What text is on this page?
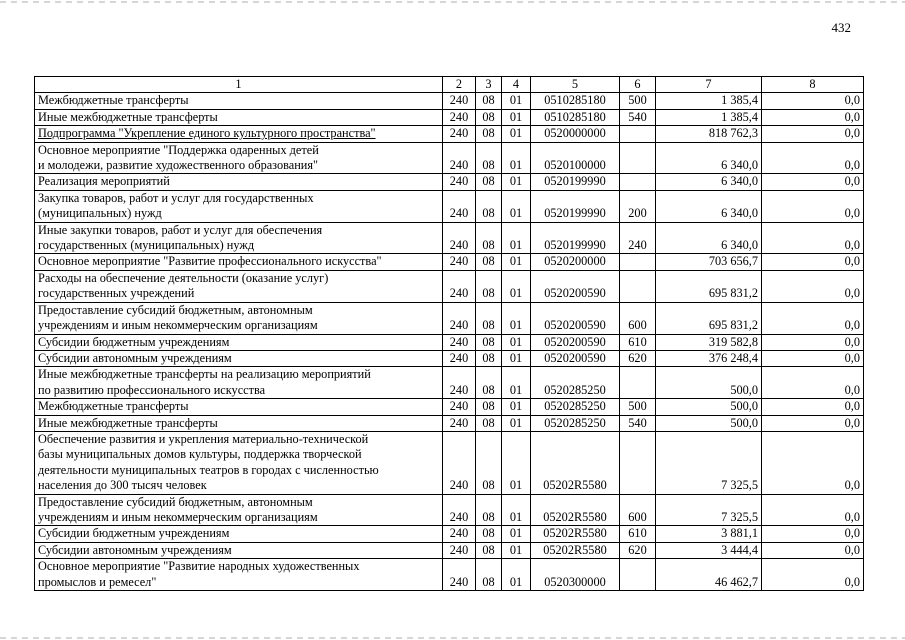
432
1	2	3	4	5	6	7	8
Межбюджетные трансферты	240	08	01	0510285180	500	1 385,4	0,0
Иные межбюджетные трансферты	240	08	01	0510285180	540	1 385,4	0,0
Подпрограмма "Укрепление единого культурного пространства"	240	08	01	0520000000		818 762,3	0,0
Основное мероприятие "Поддержка одаренных детей
и молодежи, развитие художественного образования"	240	08	01	0520100000		6 340,0	0,0
Реализация мероприятий	240	08	01	0520199990		6 340,0	0,0
Закупка товаров, работ и услуг для государственных
(муниципальных) нужд	240	08	01	0520199990	200	6 340,0	0,0
Иные закупки товаров, работ и услуг для обеспечения
государственных (муниципальных) нужд	240	08	01	0520199990	240	6 340,0	0,0
Основное мероприятие "Развитие профессионального искусства"	240	08	01	0520200000		703 656,7	0,0
Расходы на обеспечение деятельности (оказание услуг)
государственных учреждений	240	08	01	0520200590		695 831,2	0,0
Предоставление субсидий бюджетным, автономным
учреждениям и иным некоммерческим организациям	240	08	01	0520200590	600	695 831,2	0,0
Субсидии бюджетным учреждениям	240	08	01	0520200590	610	319 582,8	0,0
Субсидии автономным учреждениям	240	08	01	0520200590	620	376 248,4	0,0
Иные межбюджетные трансферты на реализацию мероприятий
по развитию профессионального искусства	240	08	01	0520285250		500,0	0,0
Межбюджетные трансферты	240	08	01	0520285250	500	500,0	0,0
Иные межбюджетные трансферты	240	08	01	0520285250	540	500,0	0,0
Обеспечение развития и укрепления материально-технической
базы муниципальных домов культуры, поддержка творческой
деятельности муниципальных театров в городах с численностью
населения до 300 тысяч человек	240	08	01	05202R5580		7 325,5	0,0
Предоставление субсидий бюджетным, автономным
учреждениям и иным некоммерческим организациям	240	08	01	05202R5580	600	7 325,5	0,0
Субсидии бюджетным учреждениям	240	08	01	05202R5580	610	3 881,1	0,0
Субсидии автономным учреждениям	240	08	01	05202R5580	620	3 444,4	0,0
Основное мероприятие "Развитие народных художественных
промыслов и ремесел"	240	08	01	0520300000		46 462,7	0,0
